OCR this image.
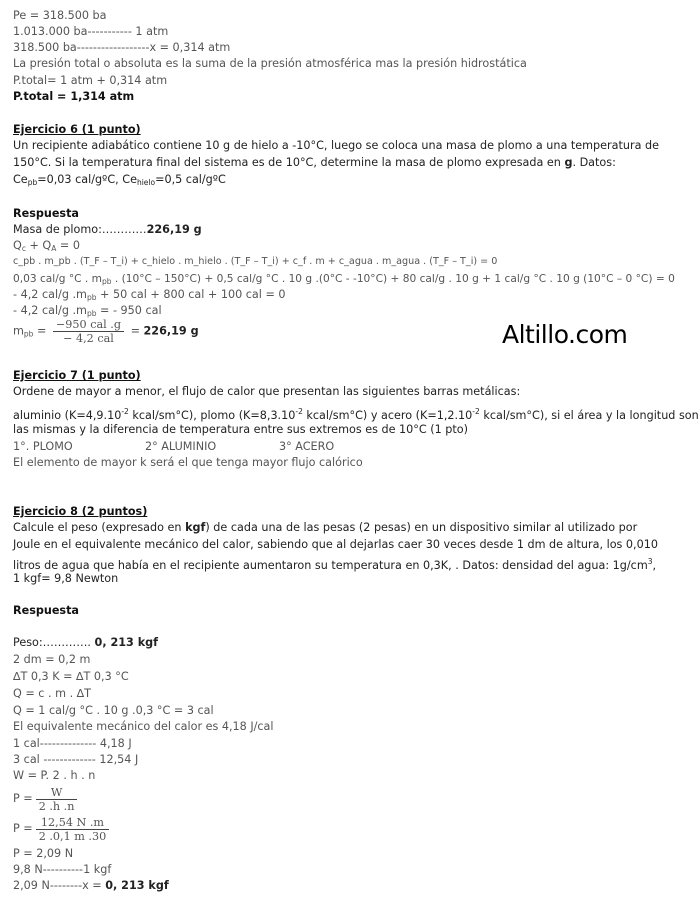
Altillo.com
Pe = 318.500 ba
1.013.000 ba----------- 1 atm
318.500 ba------------------x = 0,314 atm
La presión total o absoluta es la suma de la presión atmosférica mas la presión hidrostática
P.total= 1 atm + 0,314 atm
P.total = 1,314 atm
Ejercicio 6 (1 punto)
Un recipiente adiabático contiene 10 g de hielo a -10°C, luego se coloca una masa de plomo a una temperatura de
150°C. Si la temperatura final del sistema es de 10°C, determine la masa de plomo expresada en g. Datos:
$Ce_{pb}=0,03$ cal/gºC, $Ce_{hielo}=0,5$ cal/gºC
Respuesta
Masa de plomo:…………226,19 g
$Q_c + Q_A = 0$
c_pb . m_pb . (T_F – T_i) + c_hielo . m_hielo . (T_F – T_i) + c_f . m + c_agua . m_agua . (T_F – T_i) = 0
0,03 cal/g °C . $m_{pb}$ . (10°C – 150°C) + 0,5 cal/g °C . 10 g .(0°C - -10°C) + 80 cal/g . 10 g + 1 cal/g °C . 10 g (10°C – 0 °C) = 0
- 4,2 cal/g $.m_{pb} + 50$ cal + 800 cal + 100 cal = 0
- 4,2 cal/g $.m_{pb}$ = - 950 cal
$m_{pb} = \frac{\text{−950 cal .g}}{\text{− 4,2 cal}} = 226,19$ g
Ejercicio 7 (1 punto)
Ordene de mayor a menor, el flujo de calor que presentan las siguientes barras metálicas:
aluminio ($K=4,9.10^{-2}$ kcal/sm°C), plomo ($K=8,3.10^{-2}$ kcal/sm°C) y acero ($K=1,2.10^{-2}$ kcal/sm°C), si el área y la longitud son
las mismas y la diferencia de temperatura entre sus extremos es de 10°C (1 pto)
1°. PLOMO	2° ALUMINIO	3° ACERO
El elemento de mayor k será el que tenga mayor flujo calórico
Ejercicio 8 (2 puntos)
Calcule el peso (expresado en kgf) de cada una de las pesas (2 pesas) en un dispositivo similar al utilizado por
Joule en el equivalente mecánico del calor, sabiendo que al dejarlas caer 30 veces desde 1 dm de altura, los 0,010
litros de agua que había en el recipiente aumentaron su temperatura en 0,3K, . Datos: densidad del agua: $1g/cm^3$,
1 kgf= 9,8 Newton
Respuesta
Peso:…………. 0, 213 kgf
2 dm = 0,2 m
∆T 0,3 K = ∆T 0,3 °C
Q = c . m . ∆T
Q = 1 cal/g °C . 10 g .0,3 °C = 3 cal
El equivalente mecánico del calor es 4,18 J/cal
1 cal-------------- 4,18 J
3 cal ------------- 12,54 J
W = P. 2 . h . n
$P = \frac{W}{2 .h .n}$
$P = \frac{12,54 N .m}{2 .0,1 m .30}$
P = 2,09 N
9,8 N----------1 kgf
2,09 N--------x = 0, 213 kgf
